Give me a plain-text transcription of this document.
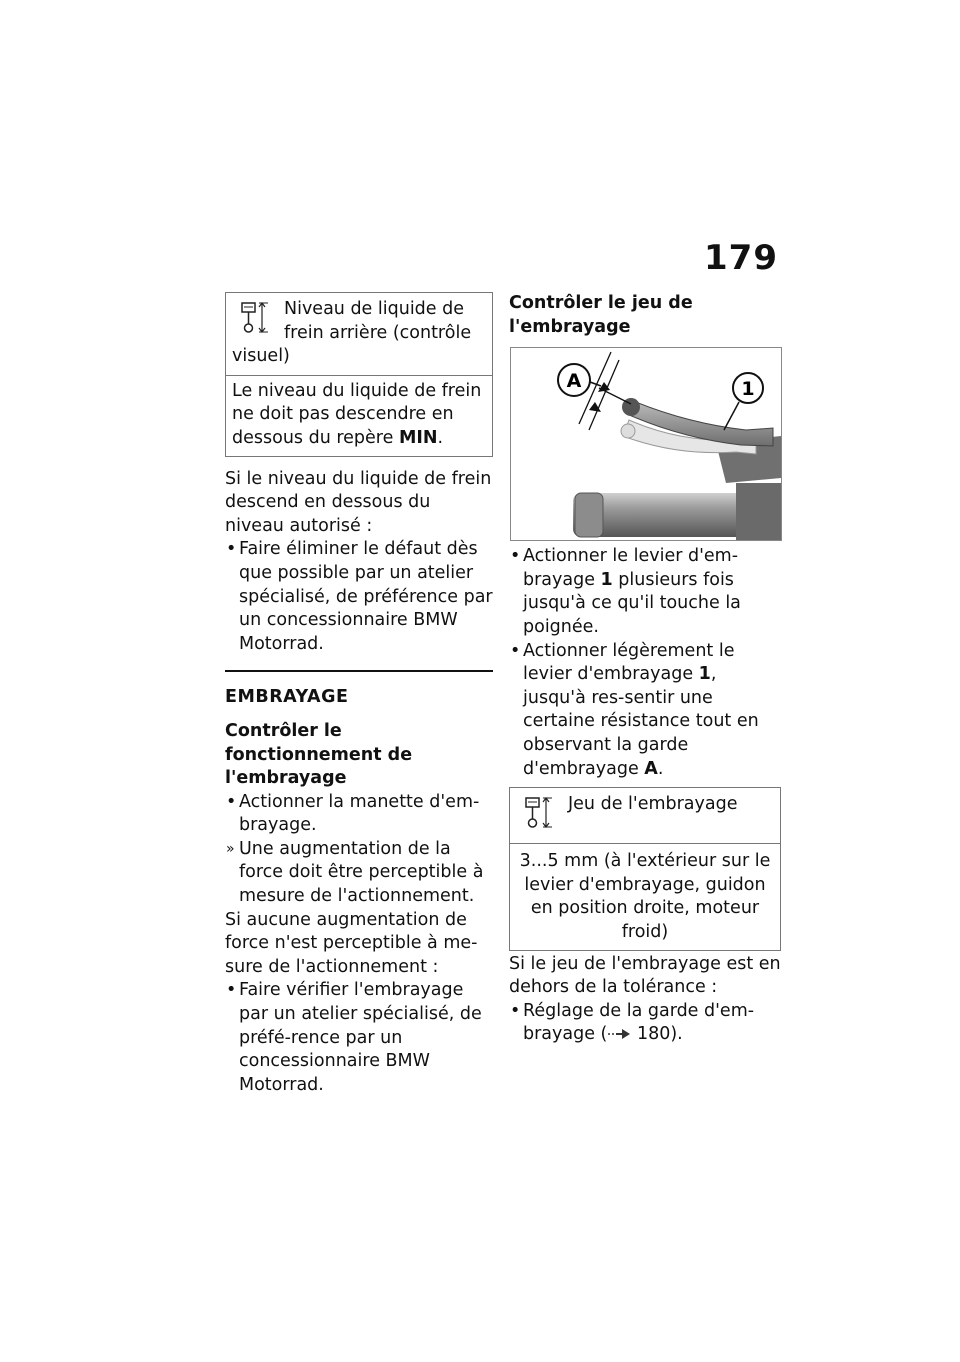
179
Niveau de liquide de frein arrière (contrôle visuel)
Le niveau du liquide de frein ne doit pas descendre en dessous du repère MIN.

Si le niveau du liquide de frein descend en dessous du niveau autorisé :

• Faire éliminer le défaut dès que possible par un atelier spécialisé, de préférence par un concessionnaire BMW Motorrad.
EMBRAYAGE

Contrôler le fonctionnement de l'embrayage

• Actionner la manette d'em-brayage.
» Une augmentation de la force doit être perceptible à mesure de l'actionnement.

Si aucune augmentation de force n'est perceptible à me-sure de l'actionnement :

• Faire vérifier l'embrayage par un atelier spécialisé, de préfé-rence par un concessionnaire BMW Motorrad.

Contrôler le jeu de l'embrayage

A	1
• Actionner le levier d'em-brayage 1 plusieurs fois jusqu'à ce qu'il touche la poignée.
• Actionner légèrement le levier d'embrayage 1, jusqu'à res-sentir une certaine résistance tout en observant la garde d'embrayage A.
Jeu de l'embrayage
3...5 mm (à l'extérieur sur le levier d'embrayage, guidon en position droite, moteur froid)

Si le jeu de l'embrayage est en dehors de la tolérance :

• Réglage de la garde d'em-brayage ( 180).
